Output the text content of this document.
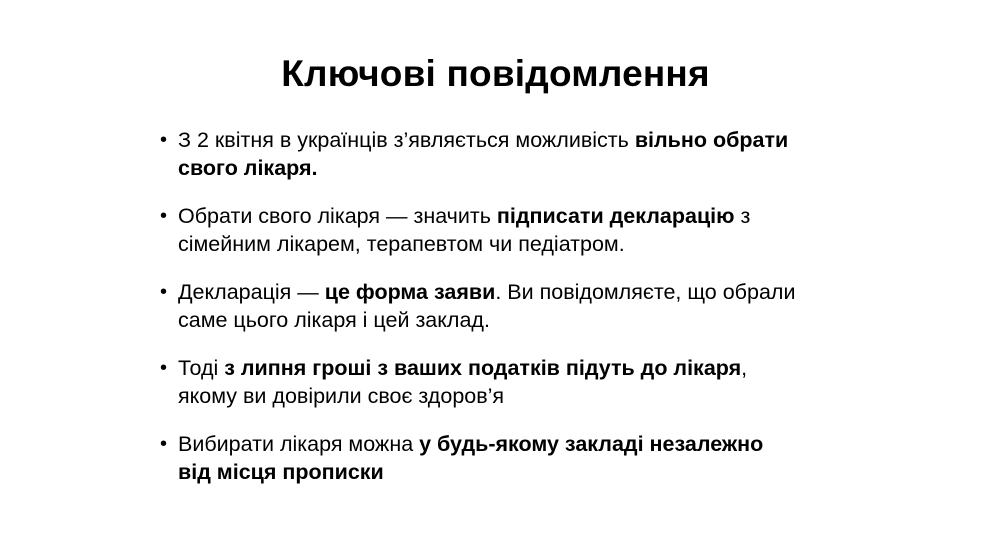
Ключові повідомлення
• З 2 квітня в українців з’являється можливість вільно обрати свого лікаря.
• Обрати свого лікаря — значить підписати декларацію з сімейним лікарем, терапевтом чи педіатром.
• Декларація — це форма заяви. Ви повідомляєте, що обрали саме цього лікаря і цей заклад.
• Тоді з липня гроші з ваших податків підуть до лікаря, якому ви довірили своє здоров’я
• Вибирати лікаря можна у будь-якому закладі незалежно від місця прописки
